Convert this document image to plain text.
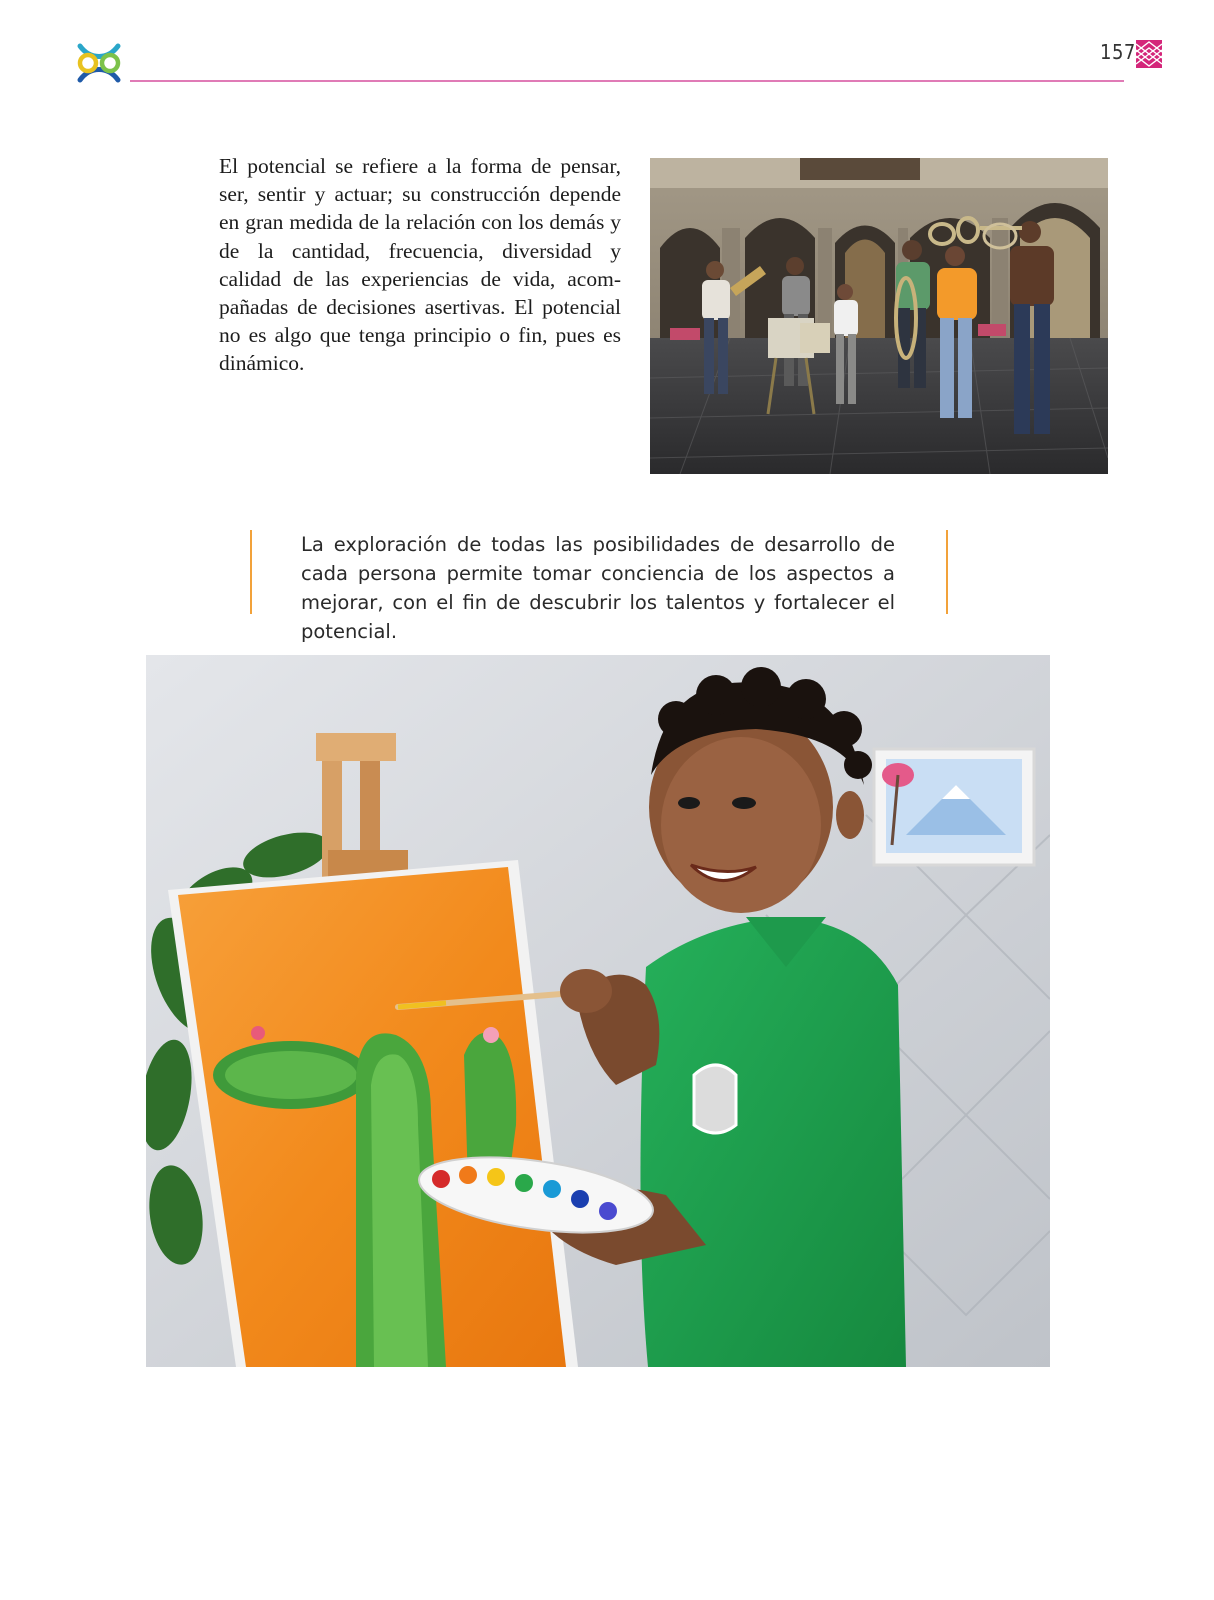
157

El potencial se refiere a la forma de pensar, ser, sentir y actuar; su construcción depende en gran medida de la relación con los demás y de la cantidad, frecuencia, diversidad y calidad de las experiencias de vida, acompañadas de decisiones asertivas. El potencial no es algo que tenga principio o fin, pues es dinámico.

La exploración de todas las posibilidades de desarrollo de cada persona permite tomar conciencia de los aspectos a mejorar, con el fin de descubrir los talentos y fortalecer el potencial.
